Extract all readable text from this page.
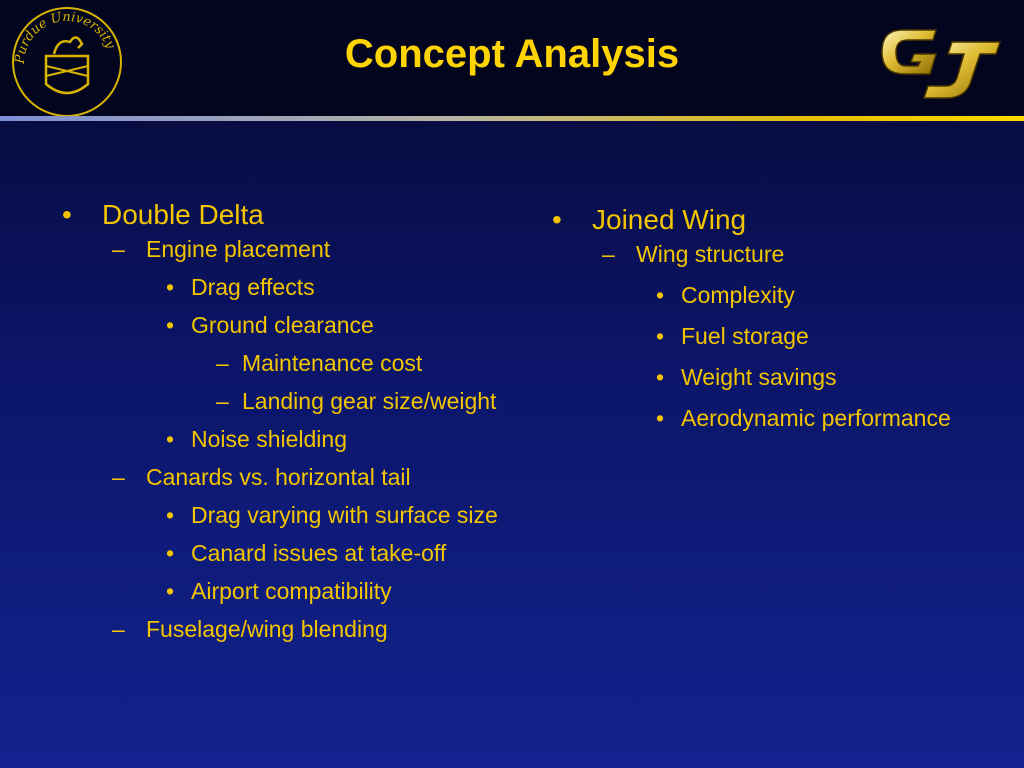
Purdue University	Concept Analysis
• Double Delta
– Engine placement
• Drag effects
• Ground clearance
– Maintenance cost
– Landing gear size/weight
• Noise shielding
– Canards vs. horizontal tail
• Drag varying with surface size
• Canard issues at take-off
• Airport compatibility
– Fuselage/wing blending
• Joined Wing
– Wing structure
• Complexity
• Fuel storage
• Weight savings
• Aerodynamic performance
